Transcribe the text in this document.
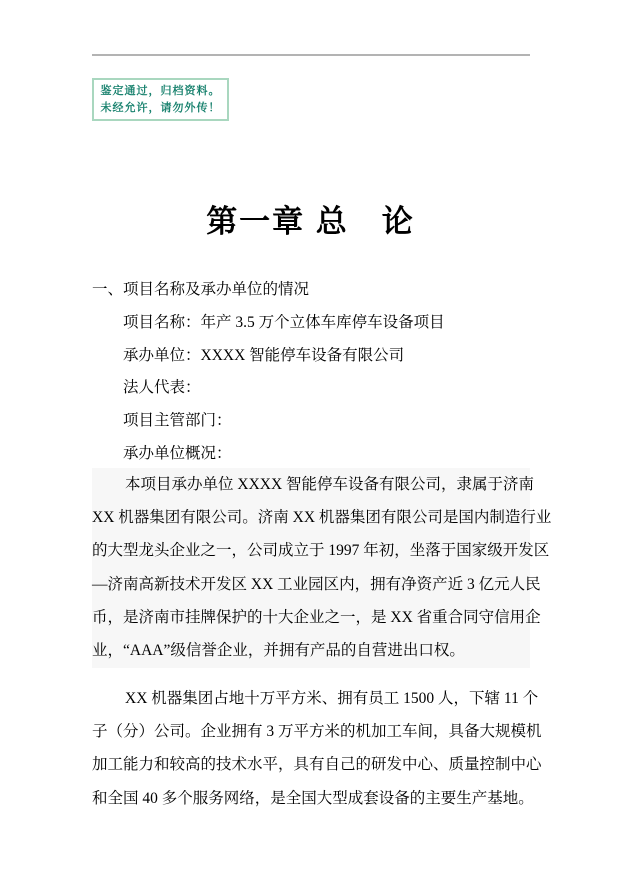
鉴定通过，归档资料。
未经允许，请勿外传！
第一章 总　论
一、项目名称及承办单位的情况
项目名称：年产 3.5 万个立体车库停车设备项目
承办单位：XXXX 智能停车设备有限公司
法人代表：
项目主管部门：
承办单位概况：
本项目承办单位 XXXX 智能停车设备有限公司，隶属于济南
XX 机器集团有限公司。济南 XX 机器集团有限公司是国内制造行业
的大型龙头企业之一，公司成立于 1997 年初，坐落于国家级开发区
—济南高新技术开发区 XX 工业园区内，拥有净资产近 3 亿元人民
币，是济南市挂牌保护的十大企业之一，是 XX 省重合同守信用企
业，“AAA”级信誉企业，并拥有产品的自营进出口权。
XX 机器集团占地十万平方米、拥有员工 1500 人，下辖 11 个
子（分）公司。企业拥有 3 万平方米的机加工车间，具备大规模机
加工能力和较高的技术水平，具有自己的研发中心、质量控制中心
和全国 40 多个服务网络，是全国大型成套设备的主要生产基地。
